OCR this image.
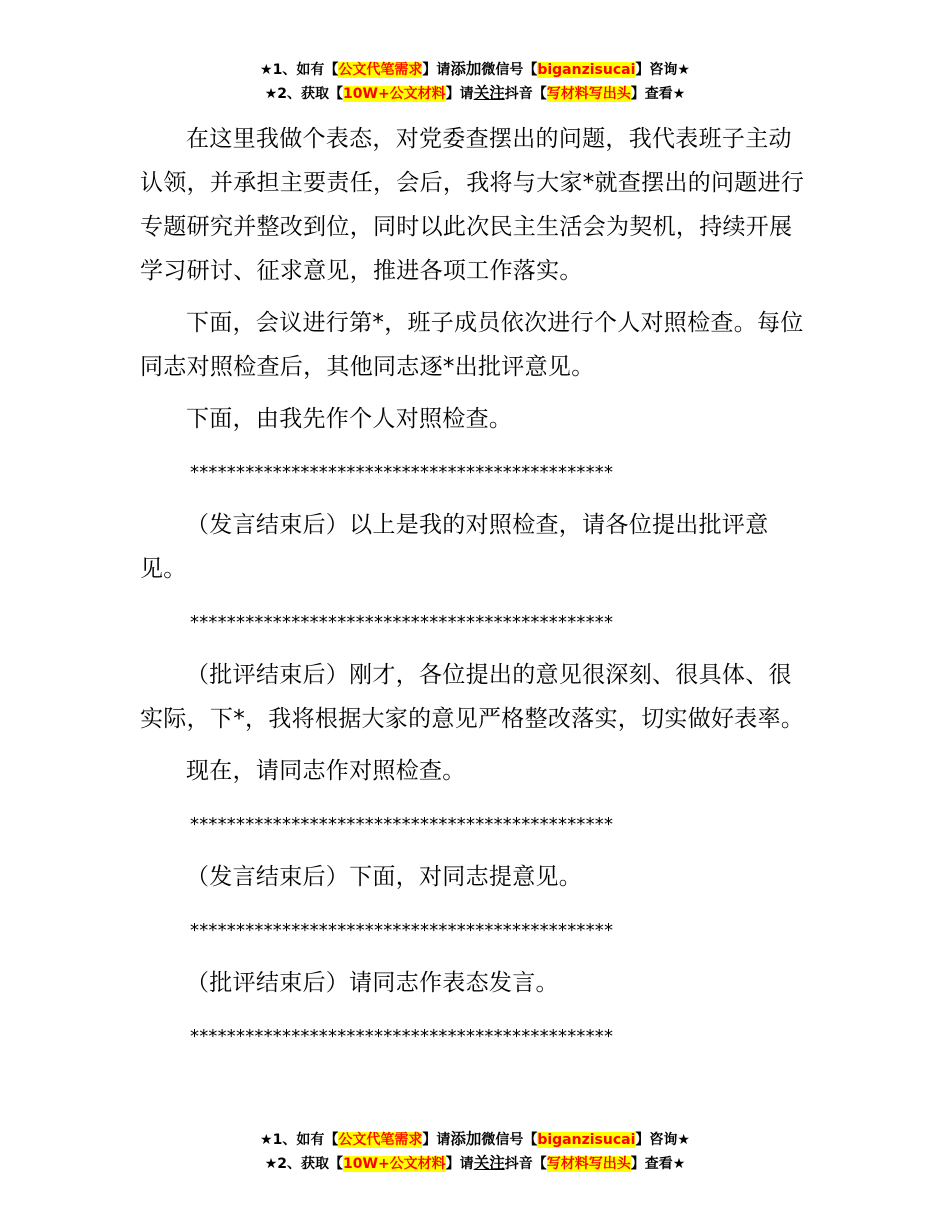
★1、如有【公文代笔需求】请添加微信号【biganzisucai】咨询★
★2、获取【10W+公文材料】请关注抖音【写材料写出头】查看★

在这里我做个表态，对党委查摆出的问题，我代表班子主动认领，并承担主要责任，会后，我将与大家*就查摆出的问题进行专题研究并整改到位，同时以此次民主生活会为契机，持续开展学习研讨、征求意见，推进各项工作落实。

下面，会议进行第*，班子成员依次进行个人对照检查。每位同志对照检查后，其他同志逐*出批评意见。

下面，由我先作个人对照检查。

**********************************************

（发言结束后）以上是我的对照检查，请各位提出批评意见。

**********************************************

（批评结束后）刚才，各位提出的意见很深刻、很具体、很实际，下*，我将根据大家的意见严格整改落实，切实做好表率。

现在，请同志作对照检查。

**********************************************

（发言结束后）下面，对同志提意见。

**********************************************

（批评结束后）请同志作表态发言。

**********************************************
★1、如有【公文代笔需求】请添加微信号【biganzisucai】咨询★
★2、获取【10W+公文材料】请关注抖音【写材料写出头】查看★
